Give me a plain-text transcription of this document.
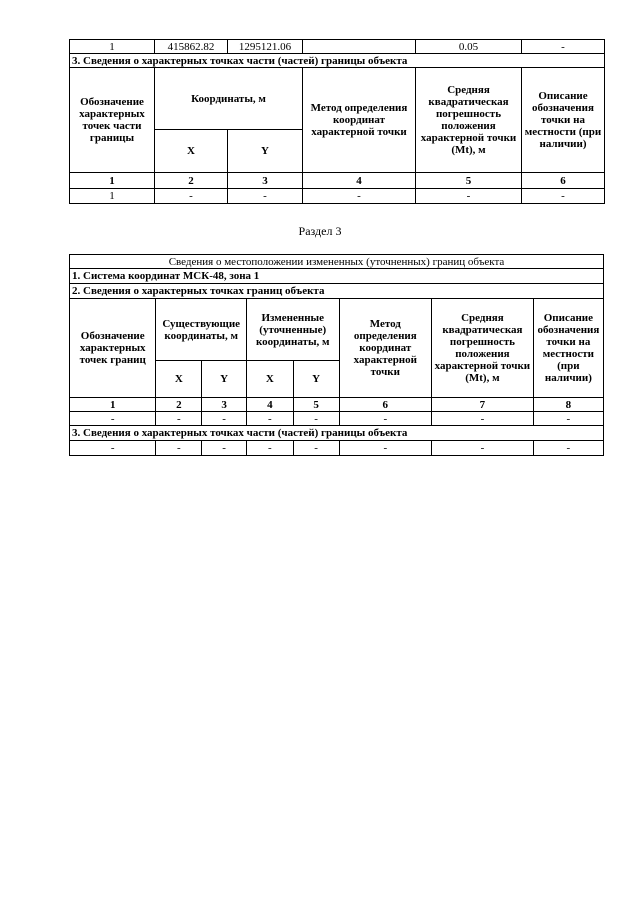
1	415862.82	1295121.06		0.05	-
3. Сведения о характерных точках части (частей) границы объекта					
Обозначение характерных точек части границы	Координаты, м		Метод определения координат характерной точки	Средняя квадратическая погрешность положения характерной точки (Mt), м	Описание обозначения точки на местности (при наличии)
	X	Y			
1	2	3	4	5	6
1	-	-	-	-	-
Раздел 3
Сведения о местоположении измененных (уточненных) границ объекта							
1. Система координат МСК-48, зона 1							
2. Сведения о характерных точках границ объекта							
Обозначение характерных точек границ	Существующие координаты, м		Измененные (уточненные) координаты, м		Метод определения координат характерной точки	Средняя квадратическая погрешность положения характерной точки (Mt), м	Описание обозначения точки на местности (при наличии)
	X	Y	X	Y			
1	2	3	4	5	6	7	8
-	-	-	-	-	-	-	-
3. Сведения о характерных точках части (частей) границы объекта							
-	-	-	-	-	-	-	-
